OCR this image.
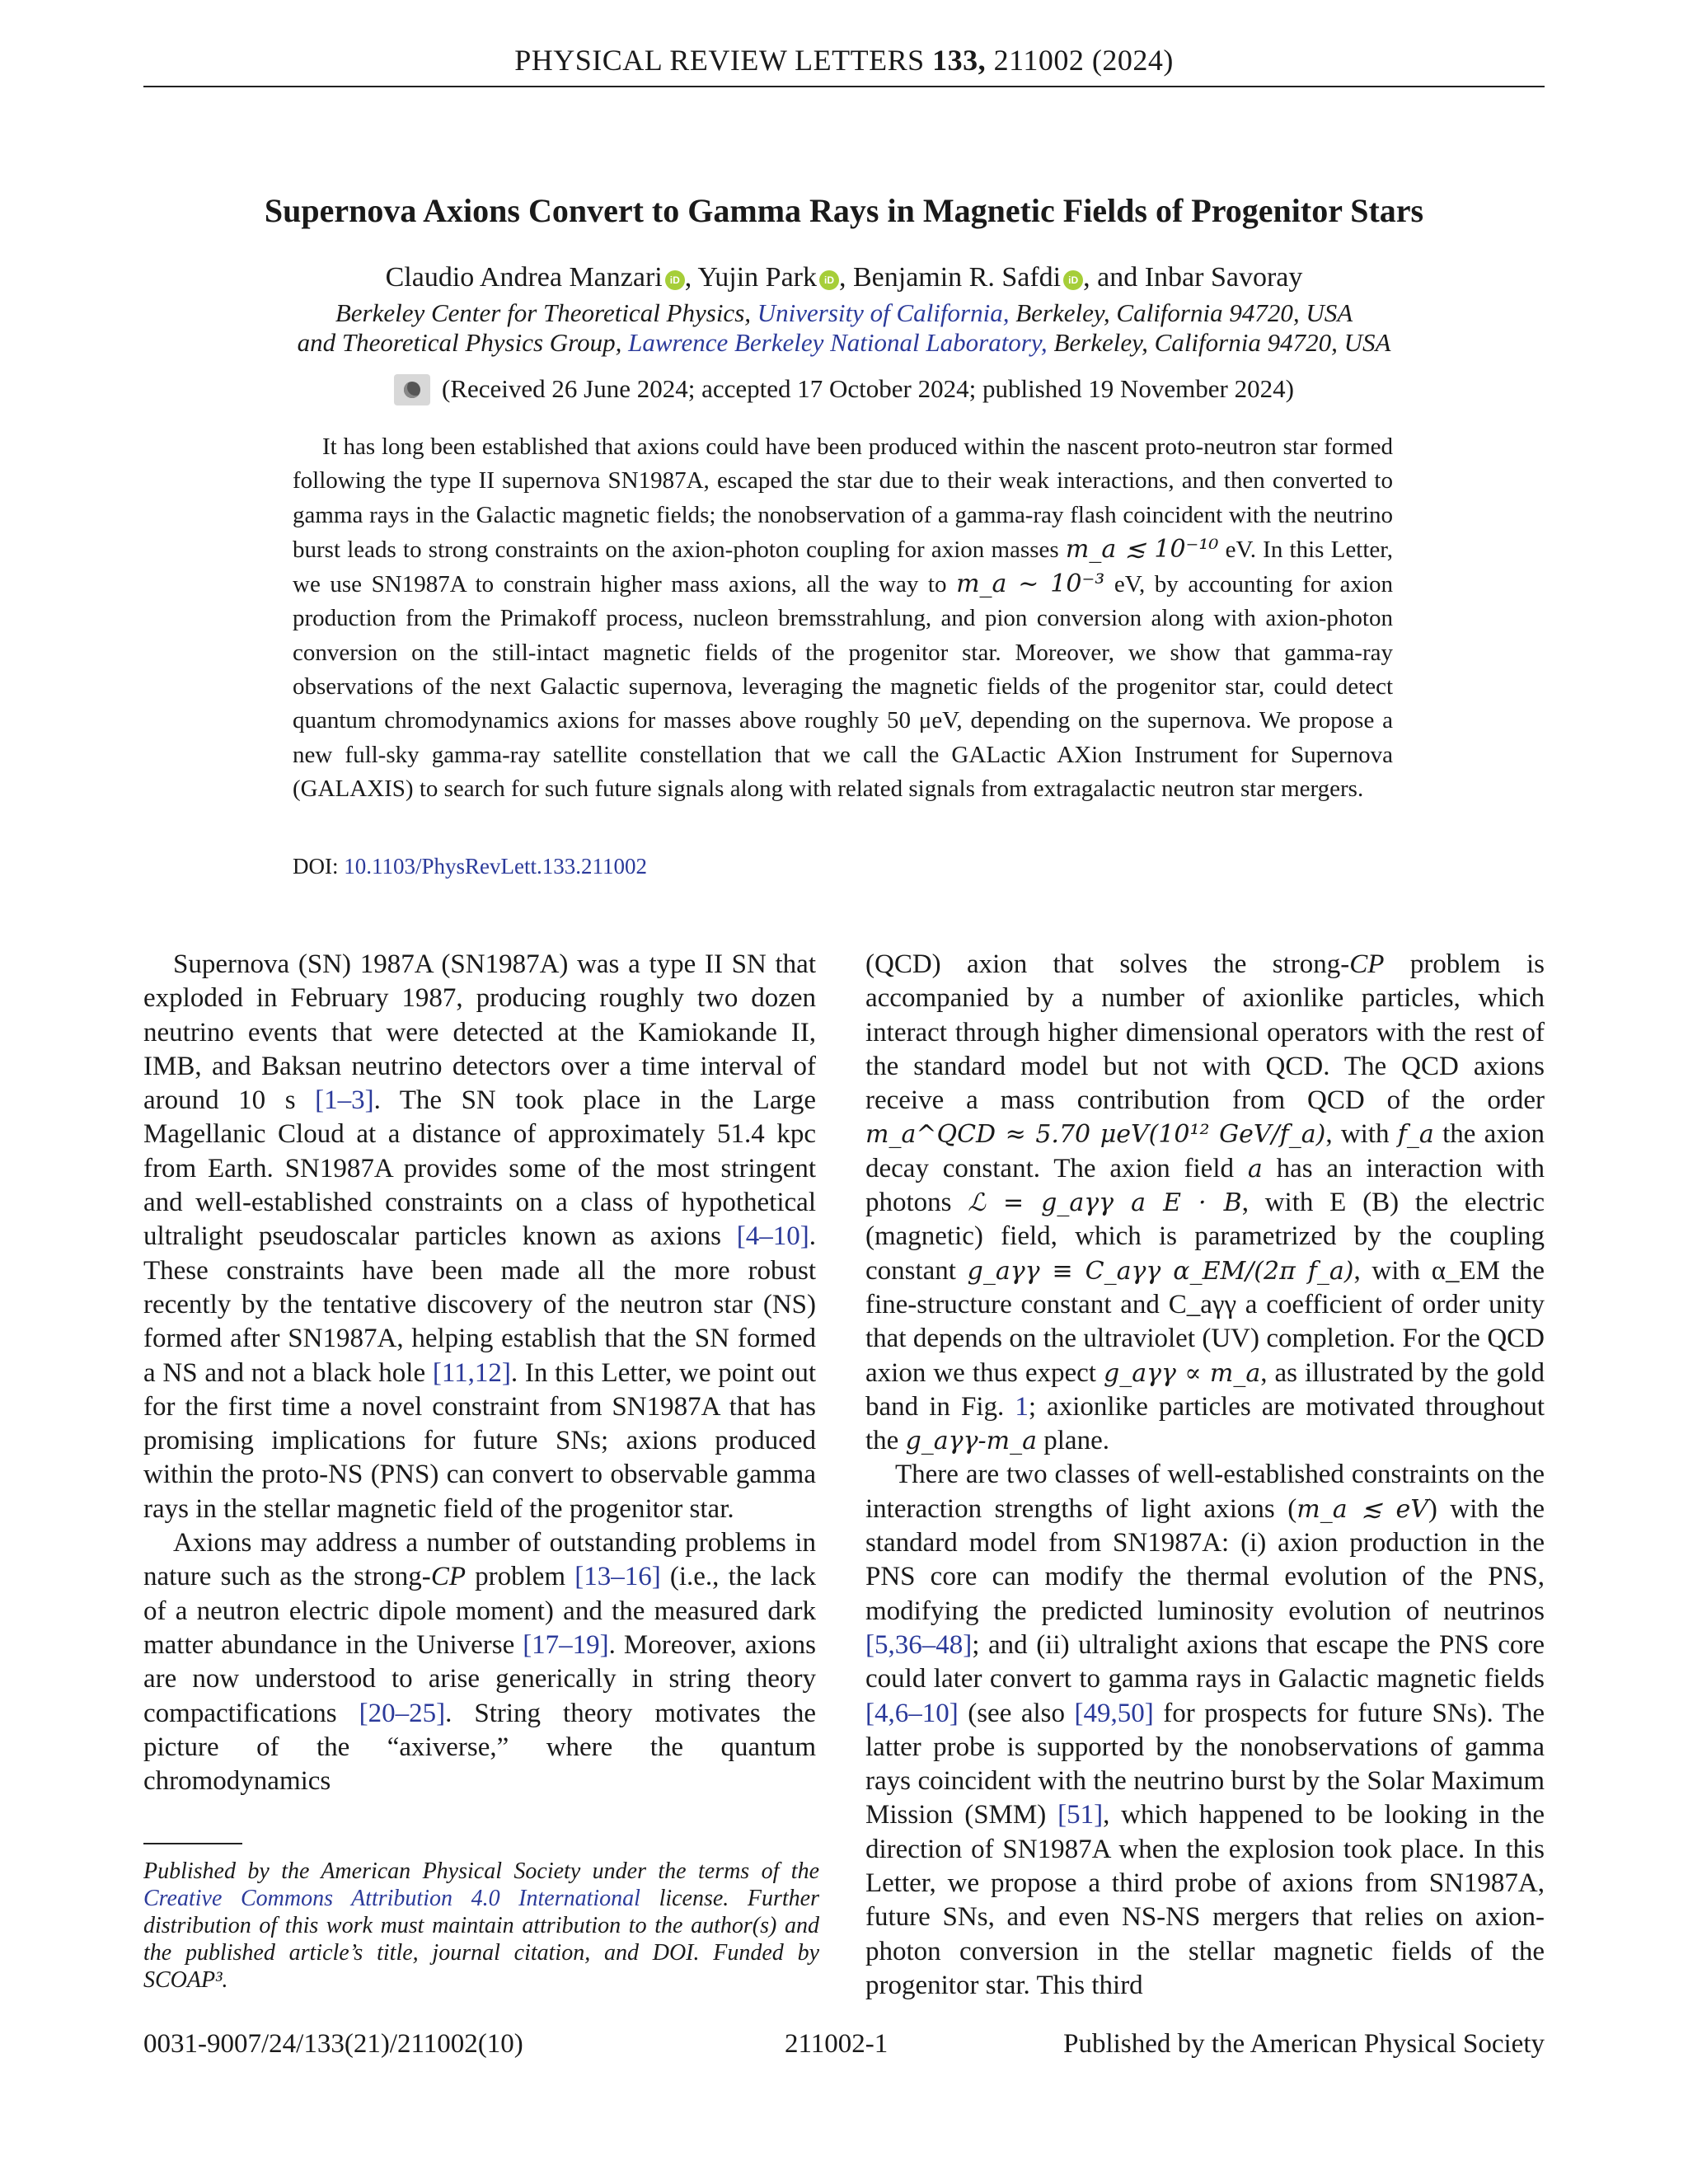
PHYSICAL REVIEW LETTERS 133, 211002 (2024)
Supernova Axions Convert to Gamma Rays in Magnetic Fields of Progenitor Stars
Claudio Andrea Manzari iD , Yujin Park iD , Benjamin R. Safdi iD , and Inbar Savoray
Berkeley Center for Theoretical Physics, University of California, Berkeley, California 94720, USA
and Theoretical Physics Group, Lawrence Berkeley National Laboratory, Berkeley, California 94720, USA
(Received 26 June 2024; accepted 17 October 2024; published 19 November 2024)

It has long been established that axions could have been produced within the nascent proto-neutron star formed following the type II supernova SN1987A, escaped the star due to their weak interactions, and then converted to gamma rays in the Galactic magnetic fields; the nonobservation of a gamma-ray flash coincident with the neutrino burst leads to strong constraints on the axion-photon coupling for axion masses m_a ≲ 10⁻¹⁰ eV. In this Letter, we use SN1987A to constrain higher mass axions, all the way to m_a ~ 10⁻³ eV, by accounting for axion production from the Primakoff process, nucleon bremsstrahlung, and pion conversion along with axion-photon conversion on the still-intact magnetic fields of the progenitor star. Moreover, we show that gamma-ray observations of the next Galactic supernova, leveraging the magnetic fields of the progenitor star, could detect quantum chromodynamics axions for masses above roughly 50 μeV, depending on the supernova. We propose a new full-sky gamma-ray satellite constellation that we call the GALactic AXion Instrument for Supernova (GALAXIS) to search for such future signals along with related signals from extragalactic neutron star mergers.

DOI: 10.1103/PhysRevLett.133.211002

Supernova (SN) 1987A (SN1987A) was a type II SN that exploded in February 1987, producing roughly two dozen neutrino events that were detected at the Kamiokande II, IMB, and Baksan neutrino detectors over a time interval of around 10 s [1–3]. The SN took place in the Large Magellanic Cloud at a distance of approximately 51.4 kpc from Earth. SN1987A provides some of the most stringent and well-established constraints on a class of hypothetical ultralight pseudoscalar particles known as axions [4–10]. These constraints have been made all the more robust recently by the tentative discovery of the neutron star (NS) formed after SN1987A, helping establish that the SN formed a NS and not a black hole [11,12]. In this Letter, we point out for the first time a novel constraint from SN1987A that has promising implications for future SNs; axions produced within the proto-NS (PNS) can convert to observable gamma rays in the stellar magnetic field of the progenitor star.

Axions may address a number of outstanding problems in nature such as the strong-CP problem [13–16] (i.e., the lack of a neutron electric dipole moment) and the measured dark matter abundance in the Universe [17–19]. Moreover, axions are now understood to arise generically in string theory compactifications [20–25]. String theory motivates the picture of the “axiverse,” where the quantum chromodynamics

(QCD) axion that solves the strong-CP problem is accompanied by a number of axionlike particles, which interact through higher dimensional operators with the rest of the standard model but not with QCD. The QCD axions receive a mass contribution from QCD of the order m_a^QCD ≈ 5.70 μeV(10¹² GeV/f_a), with f_a the axion decay constant. The axion field a has an interaction with photons ℒ = g_aγγ a E · B, with E (B) the electric (magnetic) field, which is parametrized by the coupling constant g_aγγ ≡ C_aγγ α_EM/(2π f_a), with α_EM the fine-structure constant and C_aγγ a coefficient of order unity that depends on the ultraviolet (UV) completion. For the QCD axion we thus expect g_aγγ ∝ m_a, as illustrated by the gold band in Fig. 1; axionlike particles are motivated throughout the g_aγγ-m_a plane.

There are two classes of well-established constraints on the interaction strengths of light axions (m_a ≲ eV) with the standard model from SN1987A: (i) axion production in the PNS core can modify the thermal evolution of the PNS, modifying the predicted luminosity evolution of neutrinos [5,36–48]; and (ii) ultralight axions that escape the PNS core could later convert to gamma rays in Galactic magnetic fields [4,6–10] (see also [49,50] for prospects for future SNs). The latter probe is supported by the nonobservations of gamma rays coincident with the neutrino burst by the Solar Maximum Mission (SMM) [51], which happened to be looking in the direction of SN1987A when the explosion took place. In this Letter, we propose a third probe of axions from SN1987A, future SNs, and even NS-NS mergers that relies on axion-photon conversion in the stellar magnetic fields of the progenitor star. This third

Published by the American Physical Society under the terms of the Creative Commons Attribution 4.0 International license. Further distribution of this work must maintain attribution to the author(s) and the published article’s title, journal citation, and DOI. Funded by SCOAP³.
0031-9007/24/133(21)/211002(10)	211002-1	Published by the American Physical Society
